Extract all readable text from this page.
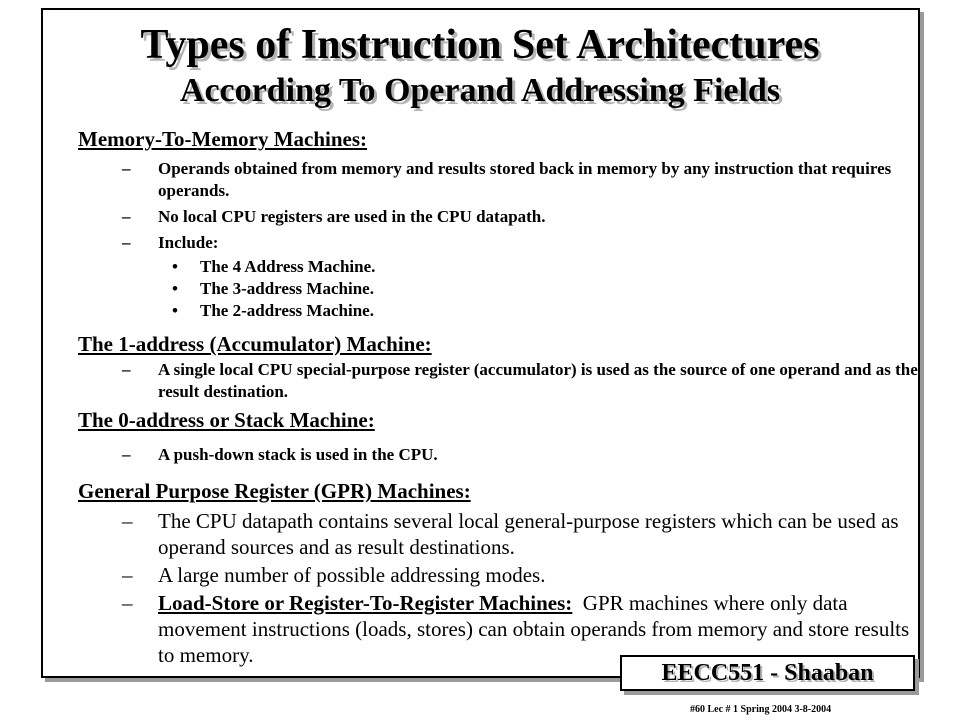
Types of Instruction Set Architectures
According To Operand Addressing Fields
Memory-To-Memory Machines:
– Operands obtained from memory and results stored back in memory by any instruction that requires operands.
– No local CPU registers are used in the CPU datapath.
– Include:
• The 4 Address Machine.
• The 3-address Machine.
• The 2-address Machine.
The 1-address (Accumulator) Machine:
– A single local CPU special-purpose register (accumulator) is used as the source of one operand and as the result destination.
The 0-address or Stack Machine:
– A push-down stack is used in the CPU.
General Purpose Register (GPR) Machines:
– The CPU datapath contains several local general-purpose registers which can be used as operand sources and as result destinations.
– A large number of possible addressing modes.
– Load-Store or Register-To-Register Machines: GPR machines where only data movement instructions (loads, stores) can obtain operands from memory and store results to memory.
EECC551 - Shaaban
#60 Lec # 1 Spring 2004 3-8-2004
